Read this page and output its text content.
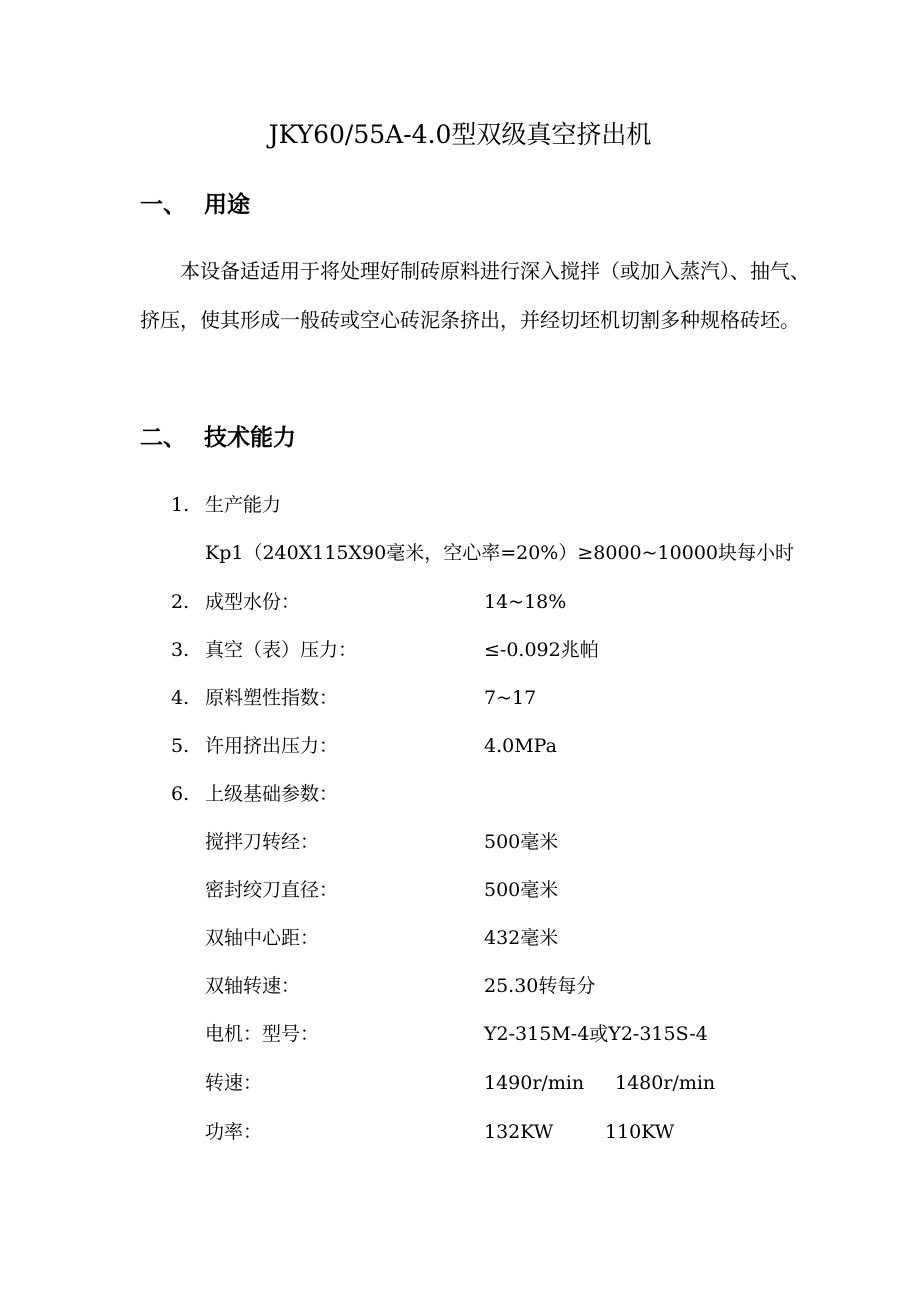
JKY60/55A-4.0型双级真空挤出机
一、 用途
本设备适适用于将处理好制砖原料进行深入搅拌（或加入蒸汽）、抽气、挤压，使其形成一般砖或空心砖泥条挤出，并经切坯机切割多种规格砖坯。
二、 技术能力
1. 生产能力
Kp1（240X115X90毫米，空心率=20%）≥8000~10000块每小时
2. 成型水份：	14~18%
3. 真空（表）压力：	≤-0.092兆帕
4. 原料塑性指数：	7~17
5. 许用挤出压力：	4.0MPa
6. 上级基础参数：
搅拌刀转经：	500毫米
密封绞刀直径：	500毫米
双轴中心距：	432毫米
双轴转速：	25.30转每分
电机：型号：	Y2-315M-4或Y2-315S-4
转速：	1490r/min 1480r/min
功率：	132KW	110KW
